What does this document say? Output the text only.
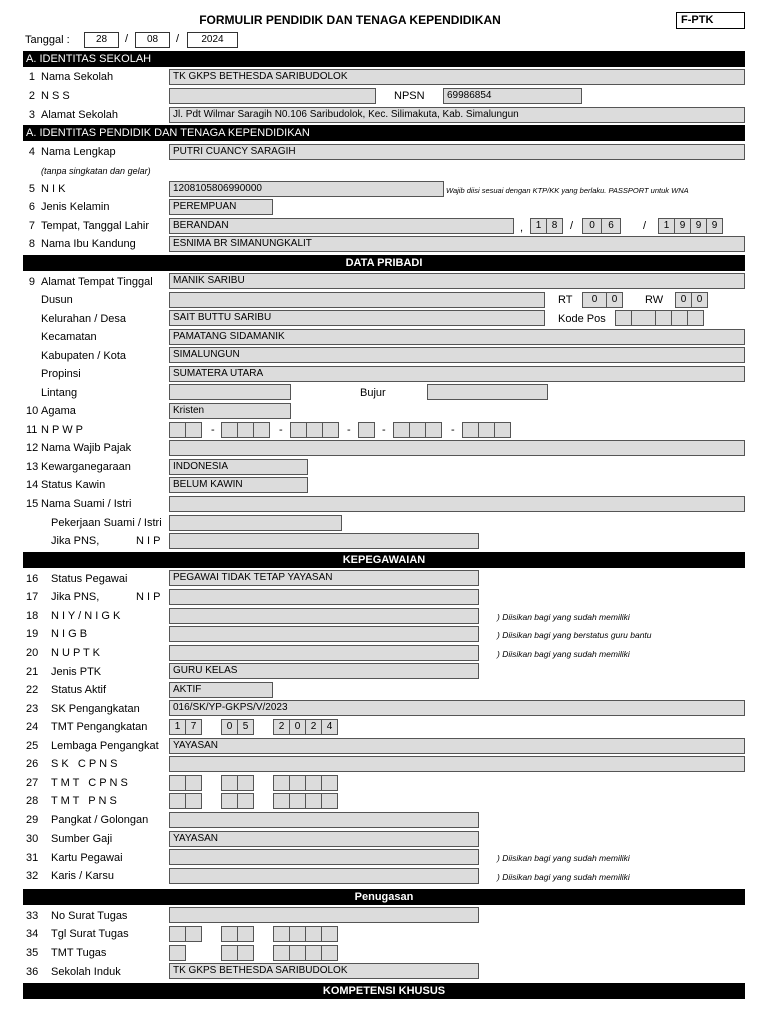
FORMULIR PENDIDIK DAN TENAGA KEPENDIDIKAN	F-PTK
Tanggal :	28	/	08	/	2024
A. IDENTITAS SEKOLAH
1 Nama Sekolah	TK GKPS BETHESDA SARIBUDOLOK
2 N S S	NPSN	69986854
3 Alamat Sekolah	Jl. Pdt Wilmar Saragih N0.106 Saribudolok, Kec. Silimakuta, Kab. Simalungun
A. IDENTITAS PENDIDIK DAN TENAGA KEPENDIDIKAN
4 Nama Lengkap	PUTRI CUANCY SARAGIH
(tanpa singkatan dan gelar)
5 N I K	1208105806990000	Wajib diisi sesuai dengan KTP/KK yang berlaku. PASSPORT untuk WNA
6 Jenis Kelamin	PEREMPUAN
7 Tempat, Tanggal Lahir	BERANDAN	,	1	8	/	0	6	/	1	9	9	9
8 Nama Ibu Kandung	ESNIMA BR SIMANUNGKALIT
DATA PRIBADI
9 Alamat Tempat Tinggal	MANIK SARIBU
Dusun	RT	0	0	RW	0	0
Kelurahan / Desa	SAIT BUTTU SARIBU	Kode Pos
Kecamatan	PAMATANG SIDAMANIK
Kabupaten / Kota	SIMALUNGUN
Propinsi	SUMATERA UTARA
Lintang	Bujur
10 Agama	Kristen
11 N P W P	-	-	-	-	-
12 Nama Wajib Pajak
13 Kewarganegaraan	INDONESIA
14 Status Kawin	BELUM KAWIN
15 Nama Suami / Istri
Pekerjaan Suami / Istri
Jika PNS,	N I P
KEPEGAWAIAN
16	Status Pegawai	PEGAWAI TIDAK TETAP YAYASAN
17	Jika PNS,	N I P
18	N I Y / N I G K	) Diisikan bagi yang sudah memiliki
19	N I G B	) Diisikan bagi yang berstatus guru bantu
20	N U P T K	) Diisikan bagi yang sudah memiliki
21	Jenis PTK	GURU KELAS
22	Status Aktif	AKTIF
23	SK Pengangkatan	016/SK/YP-GKPS/V/2023
24	TMT Pengangkatan	1	7	0	5	2	0	2	4
25	Lembaga Pengangkat	YAYASAN
26	S K   C P N S
27	T M T   C P N S
28	T M T   P N S
29	Pangkat / Golongan
30	Sumber Gaji	YAYASAN
31	Kartu Pegawai	) Diisikan bagi yang sudah memiliki
32	Karis / Karsu	) Diisikan bagi yang sudah memiliki
Penugasan
33	No Surat Tugas
34	Tgl Surat Tugas
35	TMT Tugas
36	Sekolah Induk	TK GKPS BETHESDA SARIBUDOLOK
KOMPETENSI KHUSUS
